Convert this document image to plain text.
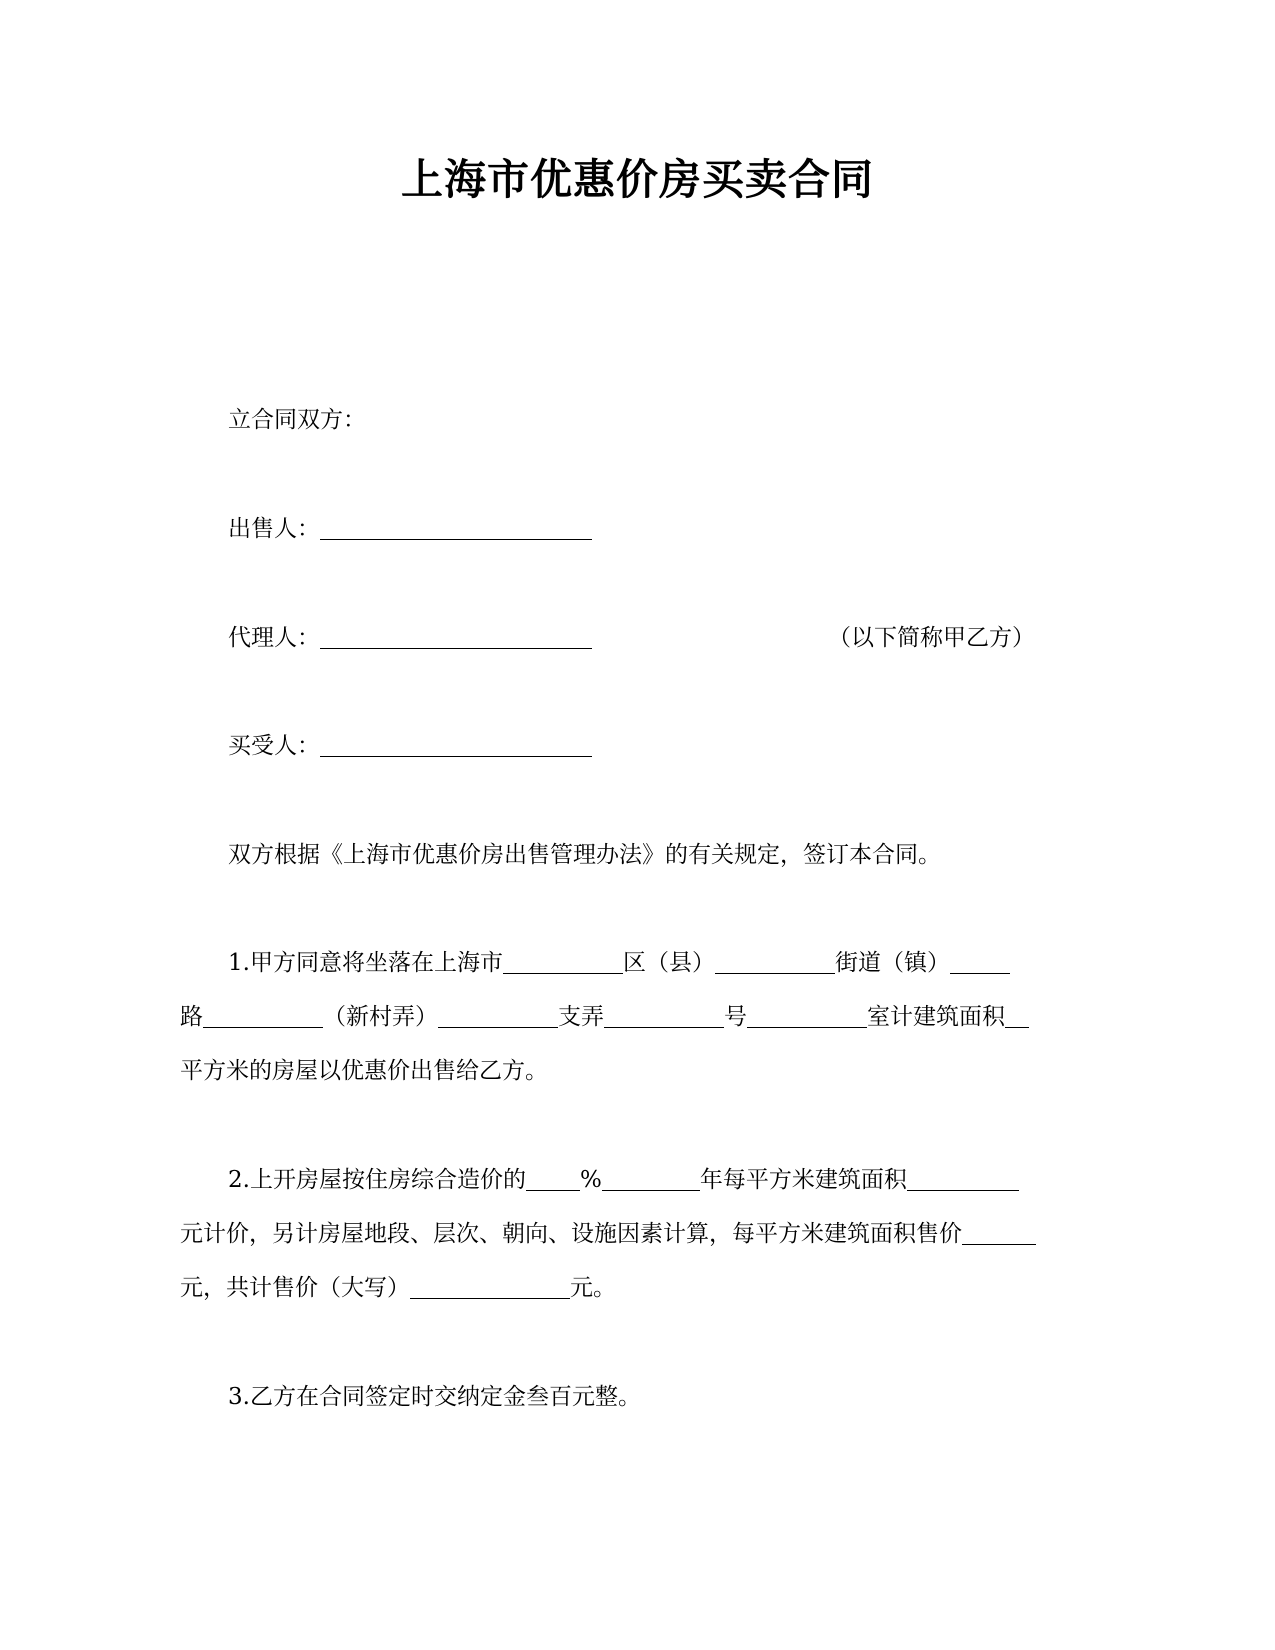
上海市优惠价房买卖合同
立合同双方：
出售人：
代理人：	（以下简称甲乙方）
买受人：
双方根据《上海市优惠价房出售管理办法》的有关规定，签订本合同。
1.甲方同意将坐落在上海市	区（县）	街道（镇）
路	（新村弄）	支弄	号	室计建筑面积
平方米的房屋以优惠价出售给乙方。
2.上开房屋按住房综合造价的 %	年每平方米建筑面积
元计价，另计房屋地段、层次、朝向、设施因素计算，每平方米建筑面积售价
元，共计售价（大写）	元。
3.乙方在合同签定时交纳定金叁百元整。
